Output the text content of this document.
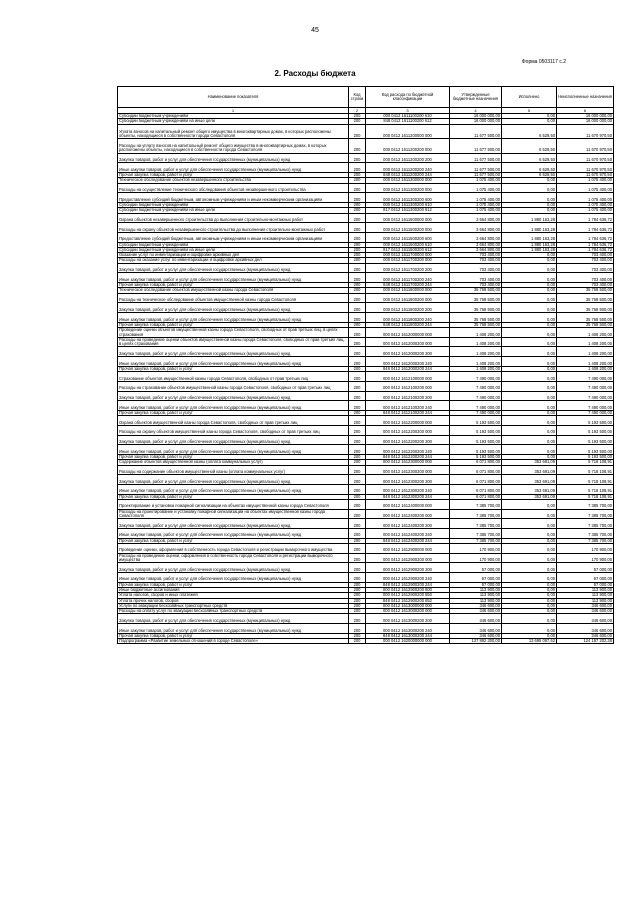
45
Форма 0503117 с.2
2. Расходы бюджета
Наименование показателя	Код строки	Код расхода по бюджетной классификации	Утвержденные бюджетные назначения	Исполнено	Неисполненные назначения
1	2	3	4	5	6
Субсидии бюджетным учреждениям	200	000 0412 1611100200 610	16 000 000,00	0,00	16 000 000,00
Субсидии бюджетным учреждениям на иные цели	200	848 0412 1611100200 612	16 000 000,00	0,00	16 000 000,00
Уплата взносов на капитальный ремонт общего имущества в многоквартирных домах, в которых расположены объекты, находящиеся в собственности города Севастополя	200	000 0412 1611200000 000	11 677 500,00	6 529,50	11 670 970,50
Расходы на уплату взносов на капитальный ремонт общего имущества в многоквартирных домах, в которых расположены объекты, находящиеся в собственности города Севастополя	200	000 0412 1611200200 000	11 677 500,00	6 529,50	11 670 970,50
Закупка товаров, работ и услуг для обеспечения государственных (муниципальных) нужд	200	000 0412 1611200200 200	11 677 500,00	6 529,50	11 670 970,50
Иные закупки товаров, работ и услуг для обеспечения государственных (муниципальных) нужд	200	000 0412 1611200200 240	11 677 500,00	6 529,50	11 670 970,50
Прочая закупка товаров, работ и услуг	200	848 0412 1611200200 244	11 677 500,00	6 529,50	11 670 970,50
Техническое обследование объектов незавершенного строительства	200	000 0412 1611300000 000	1 075 400,00	0,00	1 075 400,00
Расходы на осуществление технического обследования объектов незавершенного строительства	200	000 0412 1611300200 000	1 075 400,00	0,00	1 075 400,00
Предоставление субсидий бюджетным, автономным учреждениям и иным некоммерческим организациям	200	000 0412 1611300200 600	1 075 400,00	0,00	1 075 400,00
Субсидии бюджетным учреждениям	200	000 0412 1611300200 610	1 075 400,00	0,00	1 075 400,00
Субсидии бюджетным учреждениям на иные цели	200	817 0412 1611300200 612	1 075 400,00	0,00	1 075 400,00
Охрана объектов незавершенного строительства до выполнения строительно-монтажных работ	200	000 0412 1611500000 000	3 664 800,00	1 880 163,28	1 784 636,72
Расходы на охрану объектов незавершенного строительства до выполнения строительно-монтажных работ	200	000 0412 1611500200 000	3 664 800,00	1 880 163,28	1 784 636,72
Предоставление субсидий бюджетным, автономным учреждениям и иным некоммерческим организациям	200	000 0412 1611500200 600	3 664 800,00	1 880 163,28	1 784 636,72
Субсидии бюджетным учреждениям	200	000 0412 1611500200 610	3 664 800,00	1 880 163,28	1 784 636,72
Субсидии бюджетным учреждениям на иные цели	200	817 0412 1611500200 612	3 664 800,00	1 880 163,28	1 784 636,72
Оказание услуг по инвентаризации и оцифровке архивных дел	200	000 0412 1611700000 000	703 400,00	0,00	703 400,00
Расходы на оказание услуг по инвентаризации и оцифровке архивных дел	200	000 0412 1611700200 000	703 400,00	0,00	703 400,00
Закупка товаров, работ и услуг для обеспечения государственных (муниципальных) нужд	200	000 0412 1611700200 200	703 400,00	0,00	703 400,00
Иные закупки товаров, работ и услуг для обеспечения государственных (муниципальных) нужд	200	000 0412 1611700200 240	703 400,00	0,00	703 400,00
Прочая закупка товаров, работ и услуг	200	848 0412 1611700200 244	703 400,00	0,00	703 400,00
Техническое обследование объектов имущественной казны города Севастополя	200	000 0412 1611800000 000	35 768 500,00	0,00	35 768 500,00
Расходы на техническое обследование объектов имущественной казны города Севастополя	200	000 0412 1611800200 000	35 768 500,00	0,00	35 768 500,00
Закупка товаров, работ и услуг для обеспечения государственных (муниципальных) нужд	200	000 0412 1611800200 200	35 768 500,00	0,00	35 768 500,00
Иные закупки товаров, работ и услуг для обеспечения государственных (муниципальных) нужд	200	000 0412 1611800200 240	35 768 500,00	0,00	35 768 500,00
Прочая закупка товаров, работ и услуг	200	848 0412 1611800200 244	35 768 500,00	0,00	35 768 500,00
Проведение оценки объектов имущественной казны города Севастополя, свободных от прав третьих лиц, в целях страхования	200	000 0412 1612000000 000	1 408 200,00	0,00	1 408 200,00
Расходы на проведение оценки объектов имущественной казны города Севастополя, свободных от прав третьих лиц, в целях страхования	200	000 0412 1612000200 000	1 408 200,00	0,00	1 408 200,00
Закупка товаров, работ и услуг для обеспечения государственных (муниципальных) нужд	200	000 0412 1612000200 200	1 408 200,00	0,00	1 408 200,00
Иные закупки товаров, работ и услуг для обеспечения государственных (муниципальных) нужд	200	000 0412 1612000200 240	1 408 200,00	0,00	1 408 200,00
Прочая закупка товаров, работ и услуг	200	848 0412 1612000200 244	1 408 200,00	0,00	1 408 200,00
Страхование объектов имущественной казны города Севастополя, свободных от прав третьих лиц	200	000 0412 1612100000 000	7 490 000,00	0,00	7 490 000,00
Расходы на страхование объектов имущественной казны города Севастополя, свободных от прав третьих лиц	200	000 0412 1612100200 000	7 490 000,00	0,00	7 490 000,00
Закупка товаров, работ и услуг для обеспечения государственных (муниципальных) нужд	200	000 0412 1612100200 200	7 490 000,00	0,00	7 490 000,00
Иные закупки товаров, работ и услуг для обеспечения государственных (муниципальных) нужд	200	000 0412 1612100200 240	7 490 000,00	0,00	7 490 000,00
Прочая закупка товаров, работ и услуг	200	848 0412 1612100200 244	7 490 000,00	0,00	7 490 000,00
Охрана объектов имущественной казны города Севастополя, свободных от прав третьих лиц	200	000 0412 1612200000 000	5 193 500,00	0,00	5 193 500,00
Расходы на охрану объектов имущественной казны города Севастополя, свободных от прав третьих лиц	200	000 0412 1612200200 000	5 193 500,00	0,00	5 193 500,00
Закупка товаров, работ и услуг для обеспечения государственных (муниципальных) нужд	200	000 0412 1612200200 200	5 193 500,00	0,00	5 193 500,00
Иные закупки товаров, работ и услуг для обеспечения государственных (муниципальных) нужд	200	000 0412 1612200200 240	5 193 500,00	0,00	5 193 500,00
Прочая закупка товаров, работ и услуг	200	848 0412 1612200200 244	5 193 500,00	0,00	5 193 500,00
Содержание объектов имущественной казны (оплата коммунальных услуг)	200	000 0412 1612300000 000	6 071 800,00	353 691,09	5 718 108,91
Расходы на содержание объектов имущественной казны (оплата коммунальных услуг)	200	000 0412 1612300200 000	6 071 800,00	353 691,09	5 718 108,91
Закупка товаров, работ и услуг для обеспечения государственных (муниципальных) нужд	200	000 0412 1612300200 200	6 071 800,00	353 691,09	5 718 108,91
Иные закупки товаров, работ и услуг для обеспечения государственных (муниципальных) нужд	200	000 0412 1612300200 240	6 071 800,00	353 691,09	5 718 108,91
Прочая закупка товаров, работ и услуг	200	848 0412 1612300200 244	6 071 800,00	353 691,09	5 718 108,91
Проектирование и установка пожарной сигнализации на объектах имущественной казны города Севастополя	200	000 0412 1612400000 000	7 385 700,00	0,00	7 385 700,00
Расходы на проектирование и установку пожарной сигнализации на объектах имущественной казны города Севастополя	200	000 0412 1612400200 000	7 385 700,00	0,00	7 385 700,00
Закупка товаров, работ и услуг для обеспечения государственных (муниципальных) нужд	200	000 0412 1612400200 200	7 385 700,00	0,00	7 385 700,00
Иные закупки товаров, работ и услуг для обеспечения государственных (муниципальных) нужд	200	000 0412 1612400200 240	7 385 700,00	0,00	7 385 700,00
Прочая закупка товаров, работ и услуг	200	848 0412 1612400200 244	7 385 700,00	0,00	7 385 700,00
Проведение оценки, оформления в собственность города Севастополя и регистрации выморочного имущества	200	000 0412 1612900000 000	170 900,00	0,00	170 900,00
Расходы на проведение оценки, оформления в собственность города Севастополя и регистрации выморочного имущества	200	000 0412 1612900200 000	170 900,00	0,00	170 900,00
Закупка товаров, работ и услуг для обеспечения государственных (муниципальных) нужд	200	000 0412 1612900200 200	57 000,00	0,00	57 000,00
Иные закупки товаров, работ и услуг для обеспечения государственных (муниципальных) нужд	200	000 0412 1612900200 240	57 000,00	0,00	57 000,00
Прочая закупка товаров, работ и услуг	200	848 0412 1612900200 244	57 000,00	0,00	57 000,00
Иные бюджетные ассигнования	200	000 0412 1612900200 800	113 900,00	0,00	113 900,00
Уплата налогов, сборов и иных платежей	200	000 0412 1612900200 850	113 900,00	0,00	113 900,00
Уплата прочих налогов, сборов	200	848 0412 1612900200 852	113 900,00	0,00	113 900,00
Услуги по эвакуации бесхозяйных транспортных средств	200	000 0412 1613000000 000	346 600,00	0,00	346 600,00
Расходы на оплату услуг по эвакуации бесхозяйных транспортных средств	200	000 0412 1613000200 000	346 600,00	0,00	346 600,00
Закупка товаров, работ и услуг для обеспечения государственных (муниципальных) нужд	200	000 0412 1613000200 200	346 600,00	0,00	346 600,00
Иные закупки товаров, работ и услуг для обеспечения государственных (муниципальных) нужд	200	000 0412 1613000200 240	346 600,00	0,00	346 600,00
Прочая закупка товаров, работ и услуг	200	848 0412 1613000200 244	346 600,00	0,00	346 600,00
Подпрограмма «Развитие земельных отношений в городе Севастополе»	200	000 0412 1620000000 000	137 892 300,00	13 695 097,62	124 197 202,38
